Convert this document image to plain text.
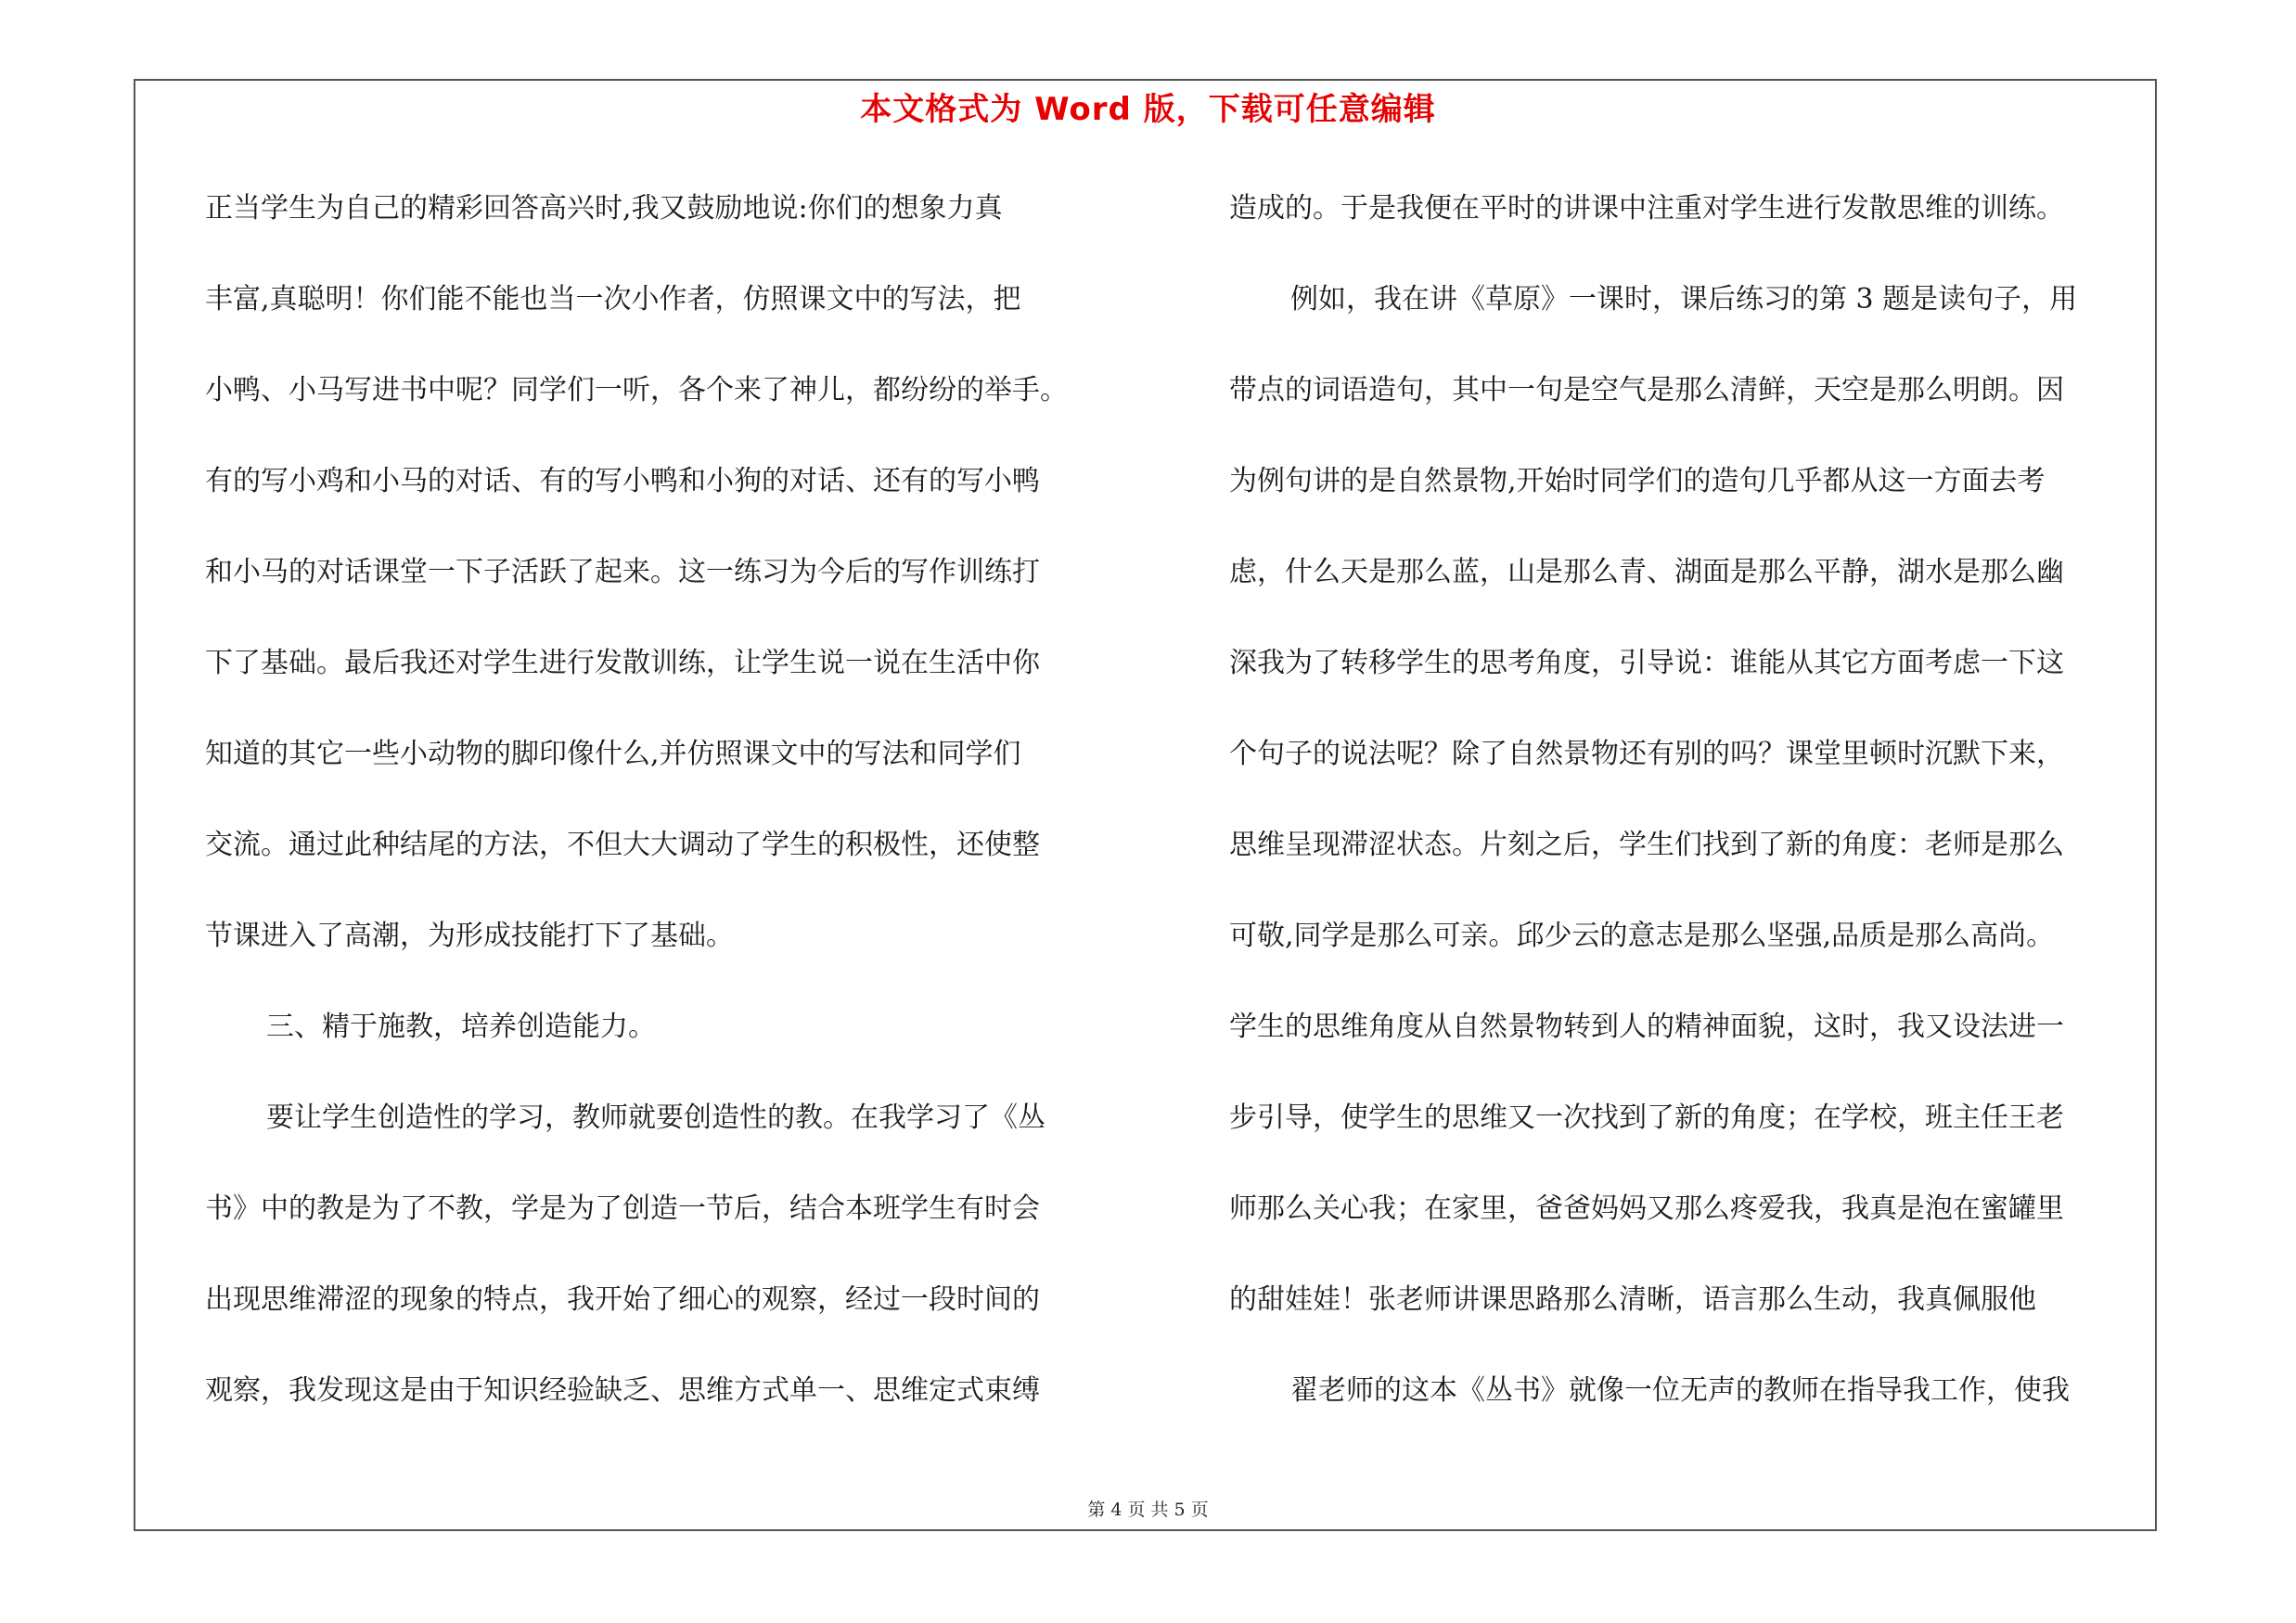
本文格式为 Word 版，下载可任意编辑
正当学生为自己的精彩回答高兴时,我又鼓励地说:你们的想象力真
丰富,真聪明！你们能不能也当一次小作者，仿照课文中的写法，把
小鸭、小马写进书中呢？同学们一听，各个来了神儿，都纷纷的举手。
有的写小鸡和小马的对话、有的写小鸭和小狗的对话、还有的写小鸭
和小马的对话课堂一下子活跃了起来。这一练习为今后的写作训练打
下了基础。最后我还对学生进行发散训练，让学生说一说在生活中你
知道的其它一些小动物的脚印像什么,并仿照课文中的写法和同学们
交流。通过此种结尾的方法，不但大大调动了学生的积极性，还使整
节课进入了高潮，为形成技能打下了基础。
三、精于施教，培养创造能力。
要让学生创造性的学习，教师就要创造性的教。在我学习了《丛
书》中的教是为了不教，学是为了创造一节后，结合本班学生有时会
出现思维滞涩的现象的特点，我开始了细心的观察，经过一段时间的
观察，我发现这是由于知识经验缺乏、思维方式单一、思维定式束缚
造成的。于是我便在平时的讲课中注重对学生进行发散思维的训练。
例如，我在讲《草原》一课时，课后练习的第 3 题是读句子，用
带点的词语造句，其中一句是空气是那么清鲜，天空是那么明朗。因
为例句讲的是自然景物,开始时同学们的造句几乎都从这一方面去考
虑，什么天是那么蓝，山是那么青、湖面是那么平静，湖水是那么幽
深我为了转移学生的思考角度，引导说：谁能从其它方面考虑一下这
个句子的说法呢？除了自然景物还有别的吗？课堂里顿时沉默下来，
思维呈现滞涩状态。片刻之后，学生们找到了新的角度：老师是那么
可敬,同学是那么可亲。邱少云的意志是那么坚强,品质是那么高尚。
学生的思维角度从自然景物转到人的精神面貌，这时，我又设法进一
步引导，使学生的思维又一次找到了新的角度；在学校，班主任王老
师那么关心我；在家里，爸爸妈妈又那么疼爱我，我真是泡在蜜罐里
的甜娃娃！张老师讲课思路那么清晰，语言那么生动，我真佩服他
翟老师的这本《丛书》就像一位无声的教师在指导我工作，使我
第 4 页 共 5 页
